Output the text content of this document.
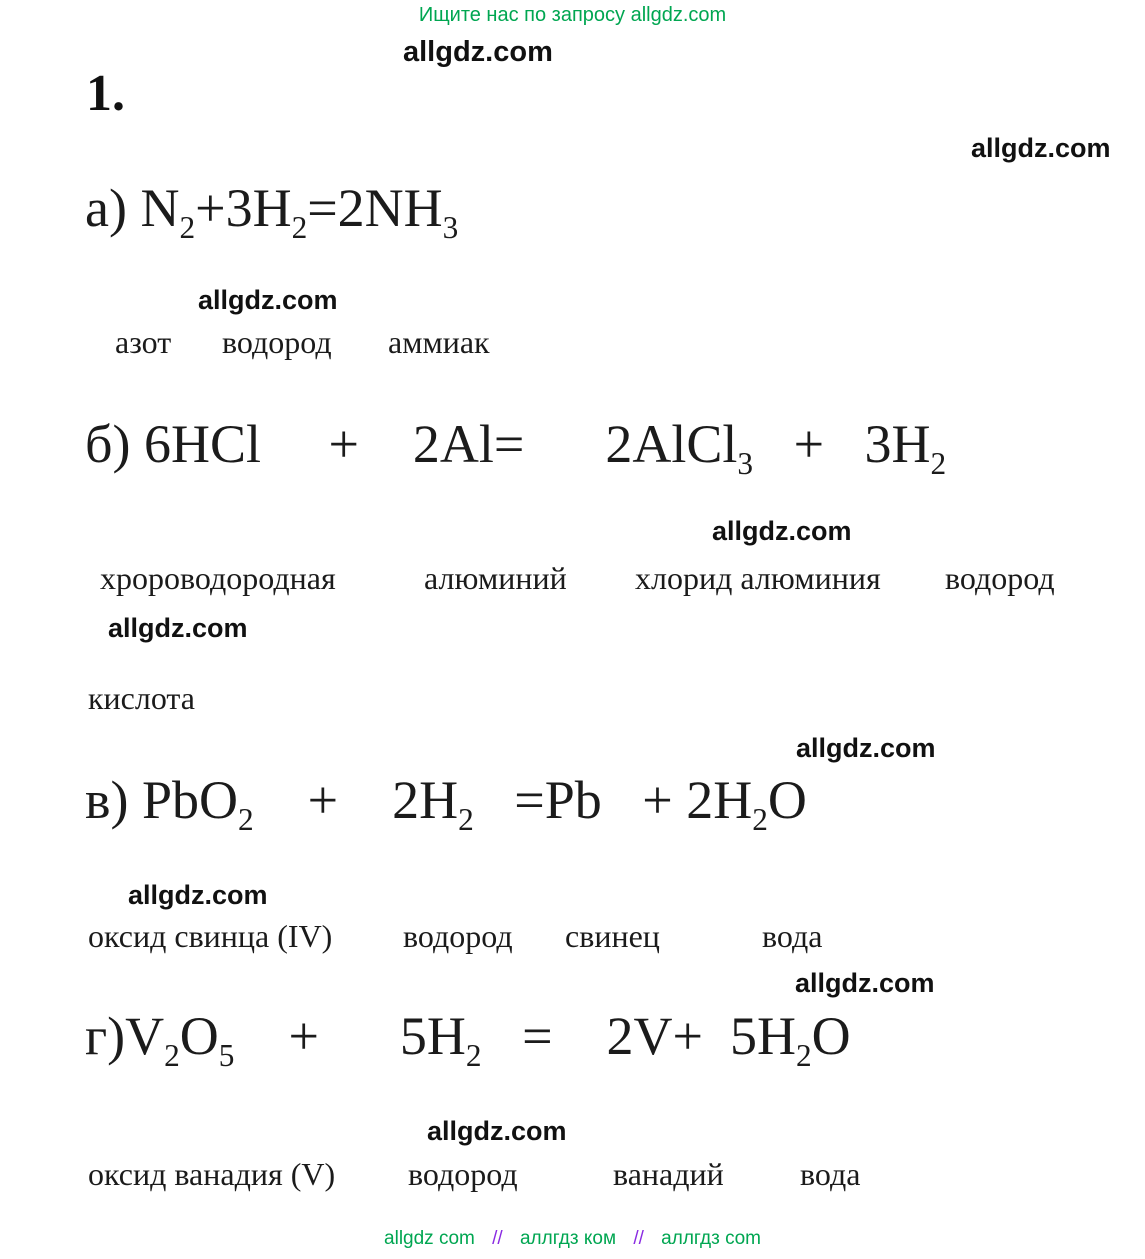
Ищите нас по запросу allgdz.com
allgdz.com
1.
allgdz.com
а) $N_2+3H_2=2NH_3$
allgdz.com
азот водород аммиак
б) 6HCl     +    2Al=      2AlCl$_3$   +   $3H_2$
allgdz.com
хророводородная	алюминий хлорид алюминия водород
allgdz.com
кислота
allgdz.com
в) PbO$_2$    +    $2H_2 =Pb + 2H_2O$
allgdz.com
оксид свинца (IV) водород свинец	вода
allgdz.com
$г)V_2O_5$    +      $5H_2$   =    $2V+ 5H_2O$
allgdz.com
оксид ванадия (V) водород	ванадий вода
allgdz com // аллгдз ком // аллгдз com
